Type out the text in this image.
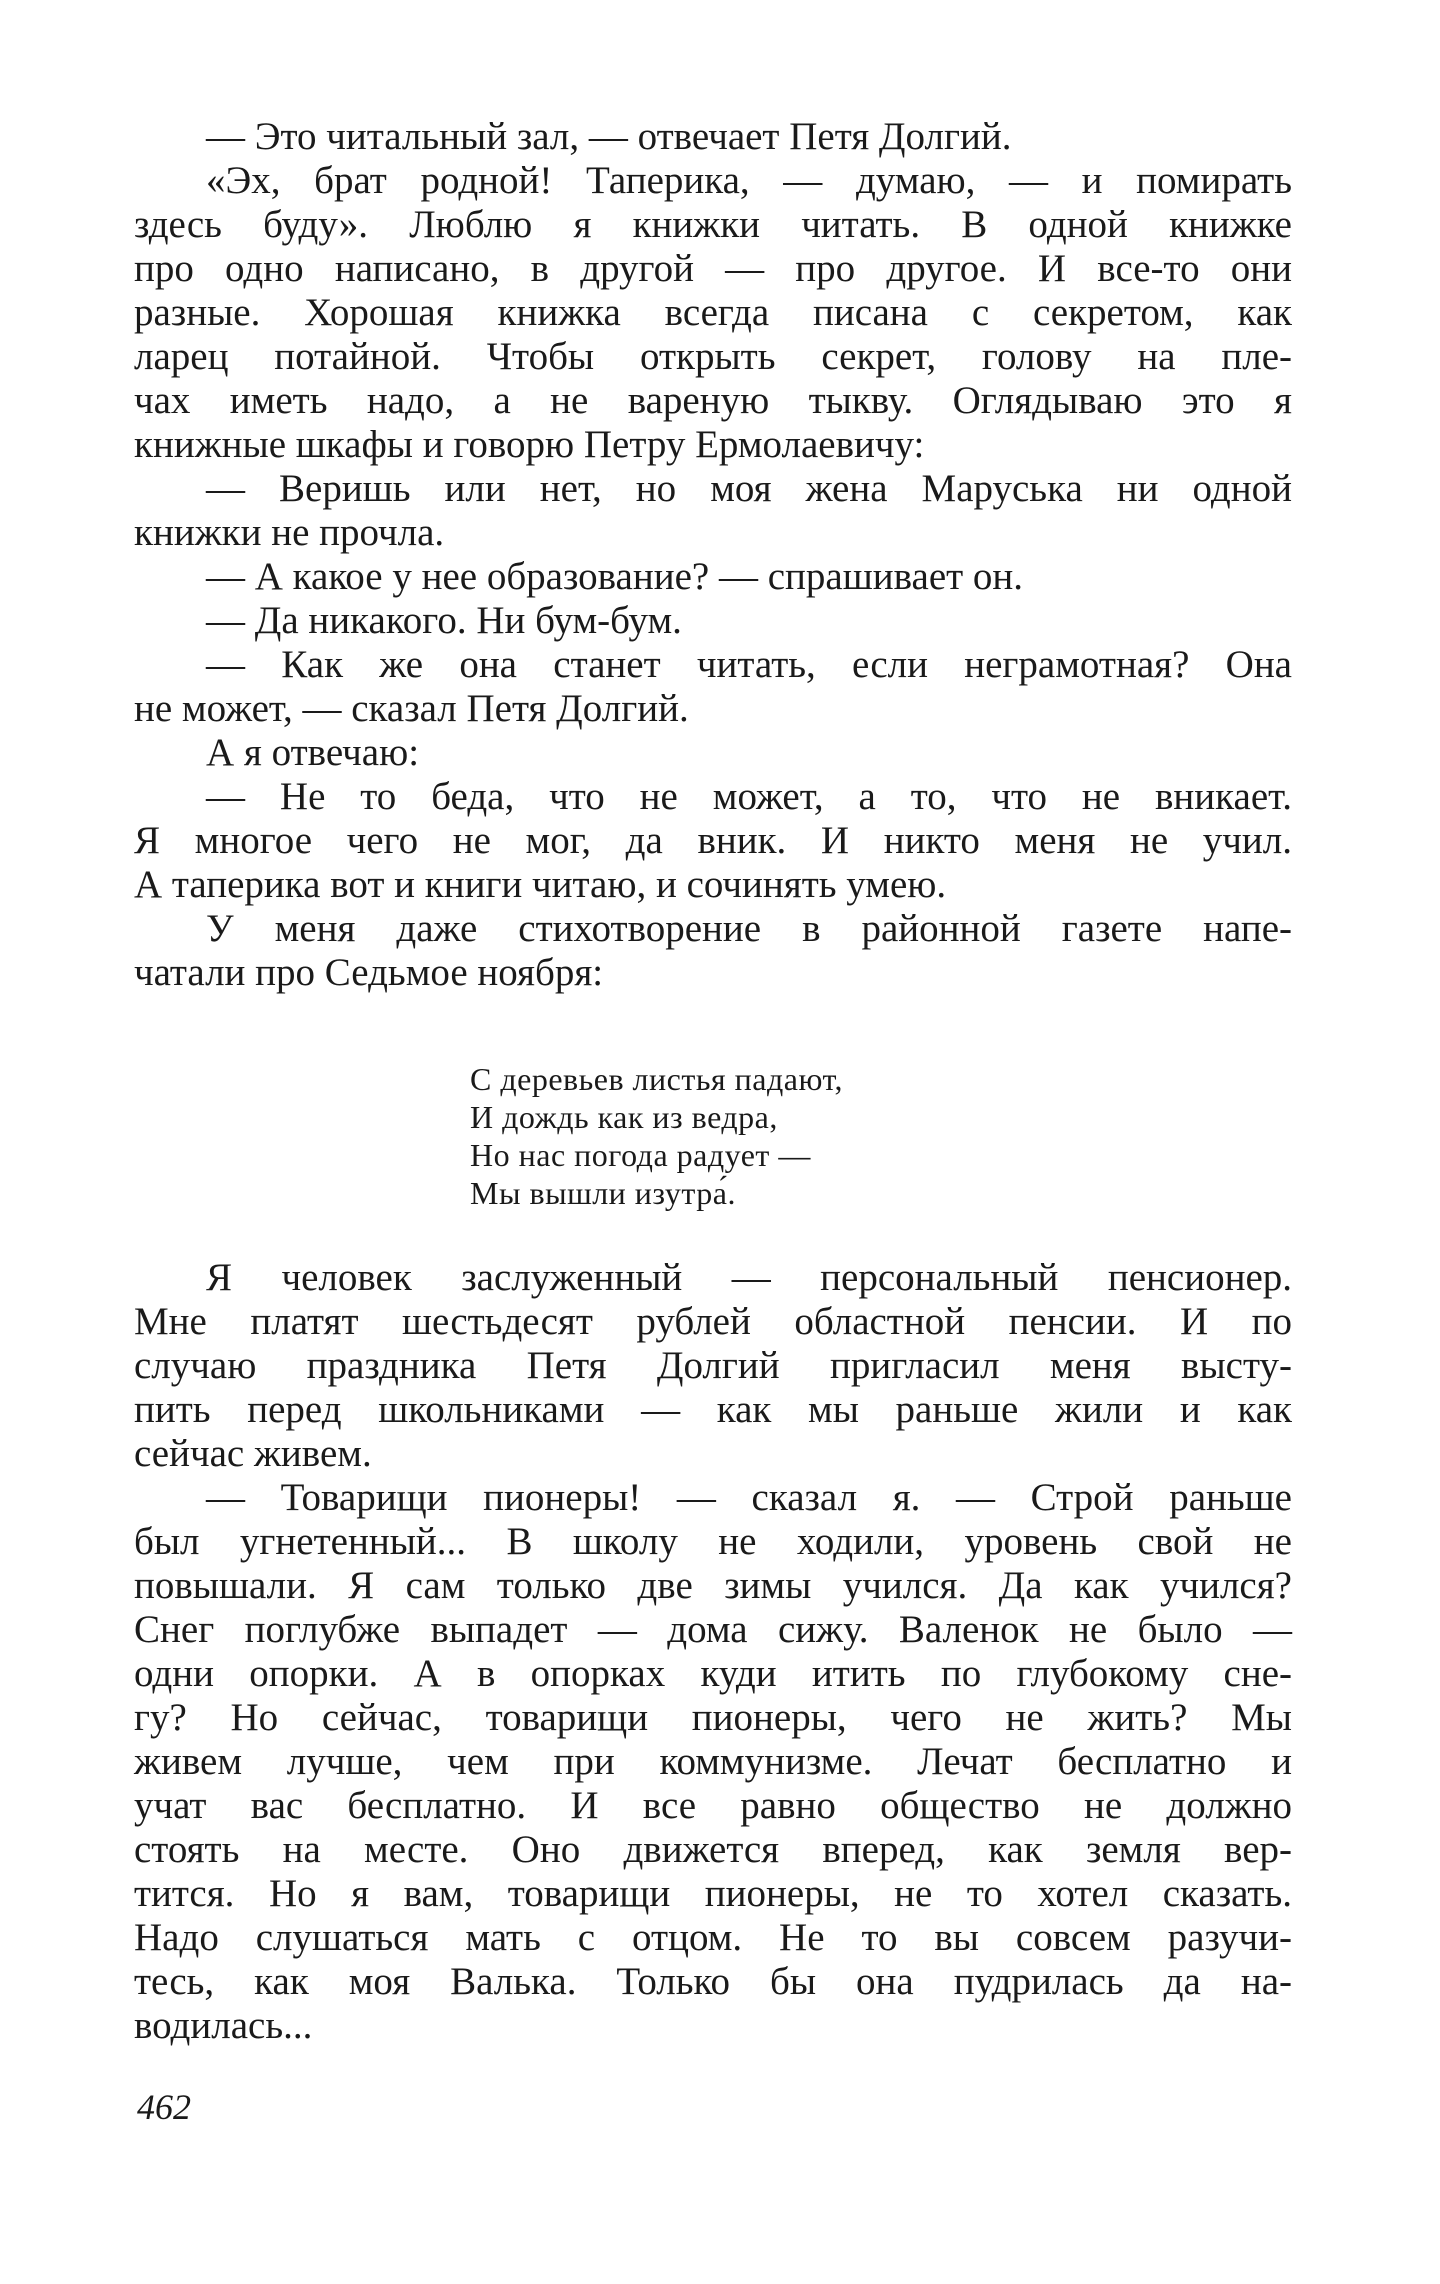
— Это читальный зал, — отвечает Петя Долгий.
«Эх, брат родной! Таперика, — думаю, — и помирать
здесь буду». Люблю я книжки читать. В одной книжке
про одно написано, в другой — про другое. И все-то они
разные. Хорошая книжка всегда писана с секретом, как
ларец потайной. Чтобы открыть секрет, голову на пле-
чах иметь надо, а не вареную тыкву. Оглядываю это я
книжные шкафы и говорю Петру Ермолаевичу:
— Веришь или нет, но моя жена Маруська ни одной
книжки не прочла.
— А какое у нее образование? — спрашивает он.
— Да никакого. Ни бум-бум.
— Как же она станет читать, если неграмотная? Она
не может, — сказал Петя Долгий.
А я отвечаю:
— Не то беда, что не может, а то, что не вникает.
Я многое чего не мог, да вник. И никто меня не учил.
А таперика вот и книги читаю, и сочинять умею.
У меня даже стихотворение в районной газете напе-
чатали про Седьмое ноября:
С деревьев листья падают,
И дождь как из ведра,
Но нас погода радует —
Мы вышли изутра́.
Я человек заслуженный — персональный пенсионер.
Мне платят шестьдесят рублей областной пенсии. И по
случаю праздника Петя Долгий пригласил меня высту-
пить перед школьниками — как мы раньше жили и как
сейчас живем.
— Товарищи пионеры! — сказал я. — Строй раньше
был угнетенный... В школу не ходили, уровень свой не
повышали. Я сам только две зимы учился. Да как учился?
Снег поглубже выпадет — дома сижу. Валенок не было —
одни опорки. А в опорках куди итить по глубокому сне-
гу? Но сейчас, товарищи пионеры, чего не жить? Мы
живем лучше, чем при коммунизме. Лечат бесплатно и
учат вас бесплатно. И все равно общество не должно
стоять на месте. Оно движется вперед, как земля вер-
тится. Но я вам, товарищи пионеры, не то хотел сказать.
Надо слушаться мать с отцом. Не то вы совсем разучи-
тесь, как моя Валька. Только бы она пудрилась да на-
водилась...
462
